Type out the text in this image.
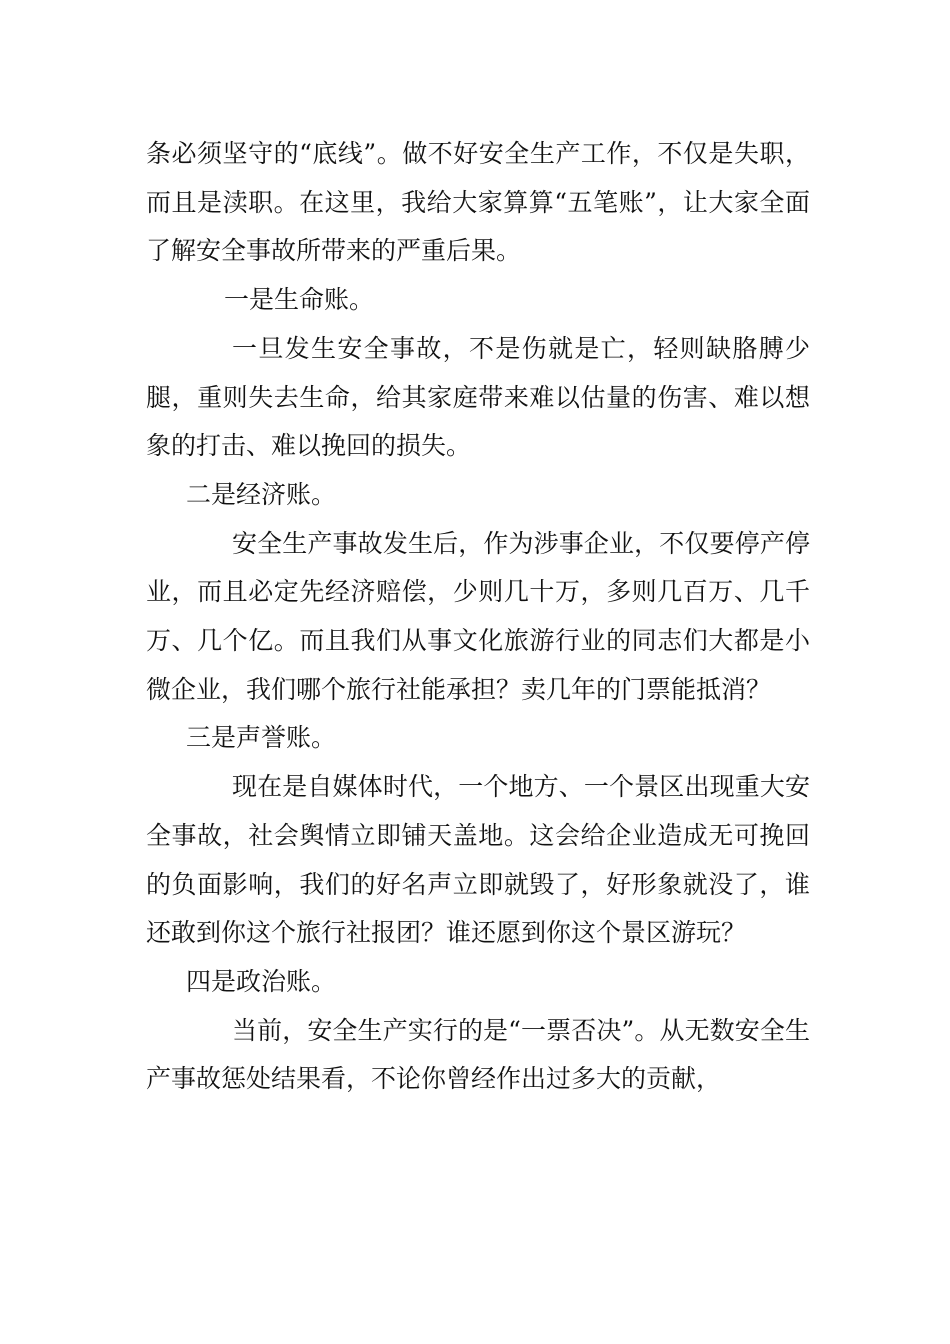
条必须坚守的“底线”。做不好安全生产工作，不仅是失职，而且是渎职。在这里，我给大家算算“五笔账”，让大家全面了解安全事故所带来的严重后果。

一是生命账。

一旦发生安全事故，不是伤就是亡，轻则缺胳膊少腿，重则失去生命，给其家庭带来难以估量的伤害、难以想象的打击、难以挽回的损失。

二是经济账。

安全生产事故发生后，作为涉事企业，不仅要停产停业，而且必定先经济赔偿，少则几十万，多则几百万、几千万、几个亿。而且我们从事文化旅游行业的同志们大都是小微企业，我们哪个旅行社能承担？卖几年的门票能抵消？

三是声誉账。

现在是自媒体时代，一个地方、一个景区出现重大安全事故，社会舆情立即铺天盖地。这会给企业造成无可挽回的负面影响，我们的好名声立即就毁了，好形象就没了，谁还敢到你这个旅行社报团？谁还愿到你这个景区游玩？

四是政治账。

当前，安全生产实行的是“一票否决”。从无数安全生产事故惩处结果看，不论你曾经作出过多大的贡献，
